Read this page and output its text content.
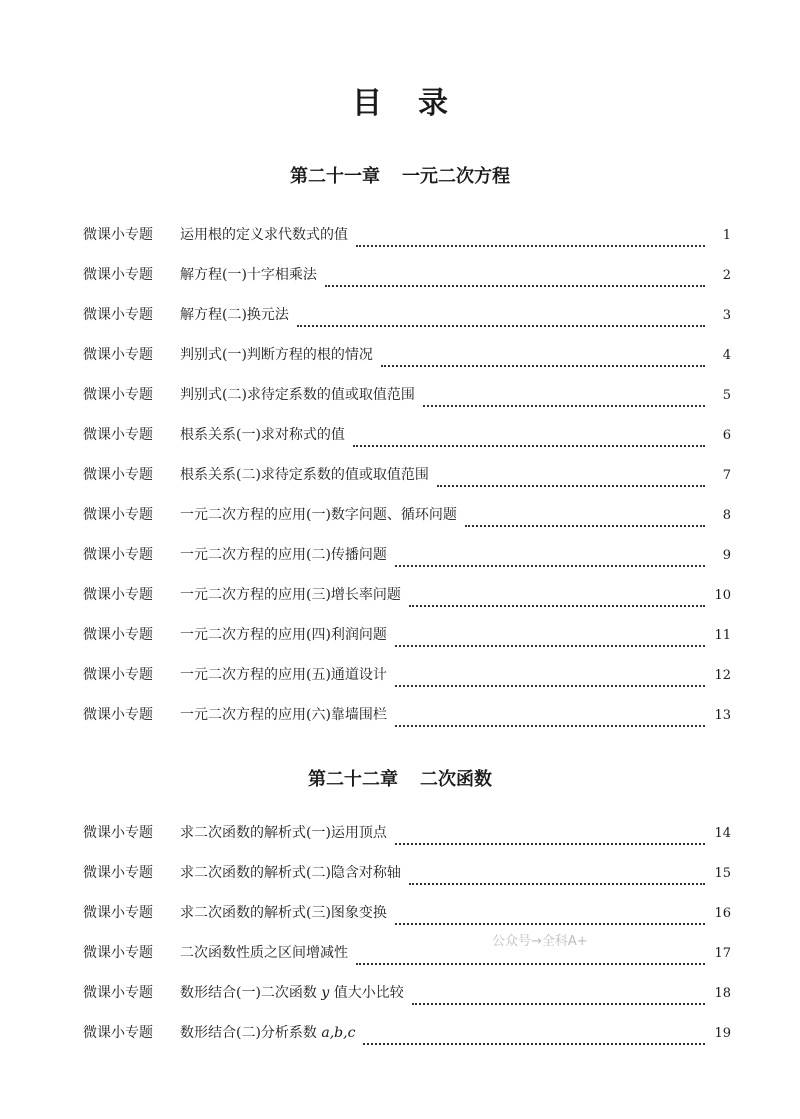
目录
第二十一章 一元二次方程
微课小专题	运用根的定义求代数式的值	1
微课小专题	解方程(一)十字相乘法	2
微课小专题	解方程(二)换元法	3
微课小专题	判别式(一)判断方程的根的情况	4
微课小专题	判别式(二)求待定系数的值或取值范围	5
微课小专题	根系关系(一)求对称式的值	6
微课小专题	根系关系(二)求待定系数的值或取值范围	7
微课小专题	一元二次方程的应用(一)数字问题、循环问题	8
微课小专题	一元二次方程的应用(二)传播问题	9
微课小专题	一元二次方程的应用(三)增长率问题	10
微课小专题	一元二次方程的应用(四)利润问题	11
微课小专题	一元二次方程的应用(五)通道设计	12
微课小专题	一元二次方程的应用(六)靠墙围栏	13
第二十二章 二次函数
微课小专题	求二次函数的解析式(一)运用顶点	14
微课小专题	求二次函数的解析式(二)隐含对称轴	15
微课小专题	求二次函数的解析式(三)图象变换	16
微课小专题	二次函数性质之区间增减性	17
微课小专题	数形结合(一)二次函数 y 值大小比较	18
微课小专题	数形结合(二)分析系数 a,b,c	19
公众号→全科A+
